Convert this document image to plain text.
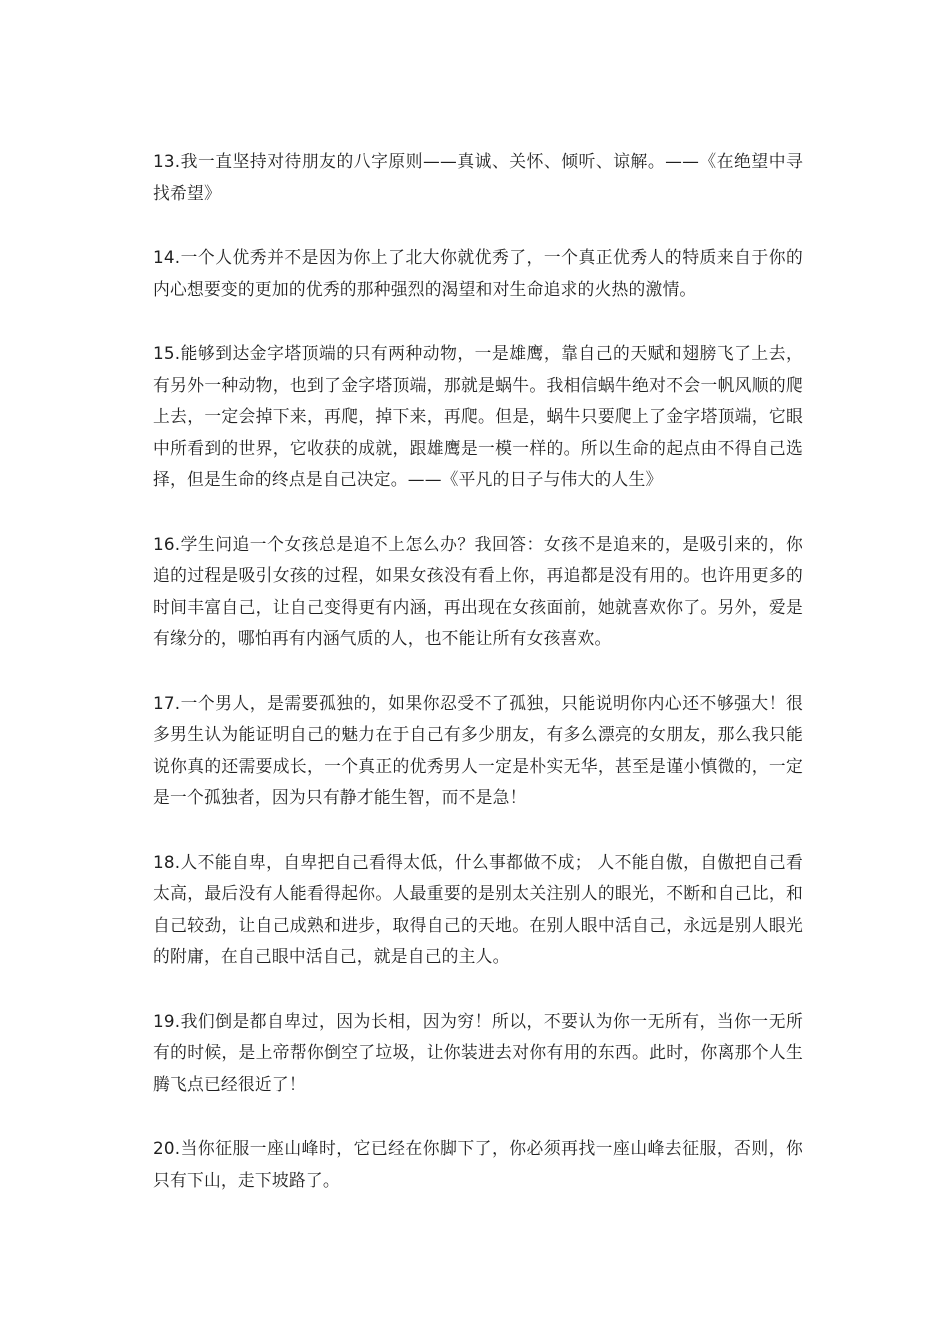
13.我一直坚持对待朋友的八字原则——真诚、关怀、倾听、谅解。——《在绝望中寻找希望》

14.一个人优秀并不是因为你上了北大你就优秀了，一个真正优秀人的特质来自于你的内心想要变的更加的优秀的那种强烈的渴望和对生命追求的火热的激情。

15.能够到达金字塔顶端的只有两种动物，一是雄鹰，靠自己的天赋和翅膀飞了上去，有另外一种动物，也到了金字塔顶端，那就是蜗牛。我相信蜗牛绝对不会一帆风顺的爬上去，一定会掉下来，再爬，掉下来，再爬。但是，蜗牛只要爬上了金字塔顶端，它眼中所看到的世界，它收获的成就，跟雄鹰是一模一样的。所以生命的起点由不得自己选择，但是生命的终点是自己决定。——《平凡的日子与伟大的人生》

16.学生问追一个女孩总是追不上怎么办？我回答：女孩不是追来的，是吸引来的，你追的过程是吸引女孩的过程，如果女孩没有看上你，再追都是没有用的。也许用更多的时间丰富自己，让自己变得更有内涵，再出现在女孩面前，她就喜欢你了。另外，爱是有缘分的，哪怕再有内涵气质的人，也不能让所有女孩喜欢。

17.一个男人，是需要孤独的，如果你忍受不了孤独，只能说明你内心还不够强大！很多男生认为能证明自己的魅力在于自己有多少朋友，有多么漂亮的女朋友，那么我只能说你真的还需要成长，一个真正的优秀男人一定是朴实无华，甚至是谨小慎微的，一定是一个孤独者，因为只有静才能生智，而不是急！

18.人不能自卑，自卑把自己看得太低，什么事都做不成； 人不能自傲，自傲把自己看太高，最后没有人能看得起你。人最重要的是别太关注别人的眼光，不断和自己比，和自己较劲，让自己成熟和进步，取得自己的天地。在别人眼中活自己，永远是别人眼光的附庸，在自己眼中活自己，就是自己的主人。

19.我们倒是都自卑过，因为长相，因为穷！所以，不要认为你一无所有，当你一无所有的时候，是上帝帮你倒空了垃圾，让你装进去对你有用的东西。此时，你离那个人生腾飞点已经很近了！

20.当你征服一座山峰时，它已经在你脚下了，你必须再找一座山峰去征服，否则，你只有下山，走下坡路了。
